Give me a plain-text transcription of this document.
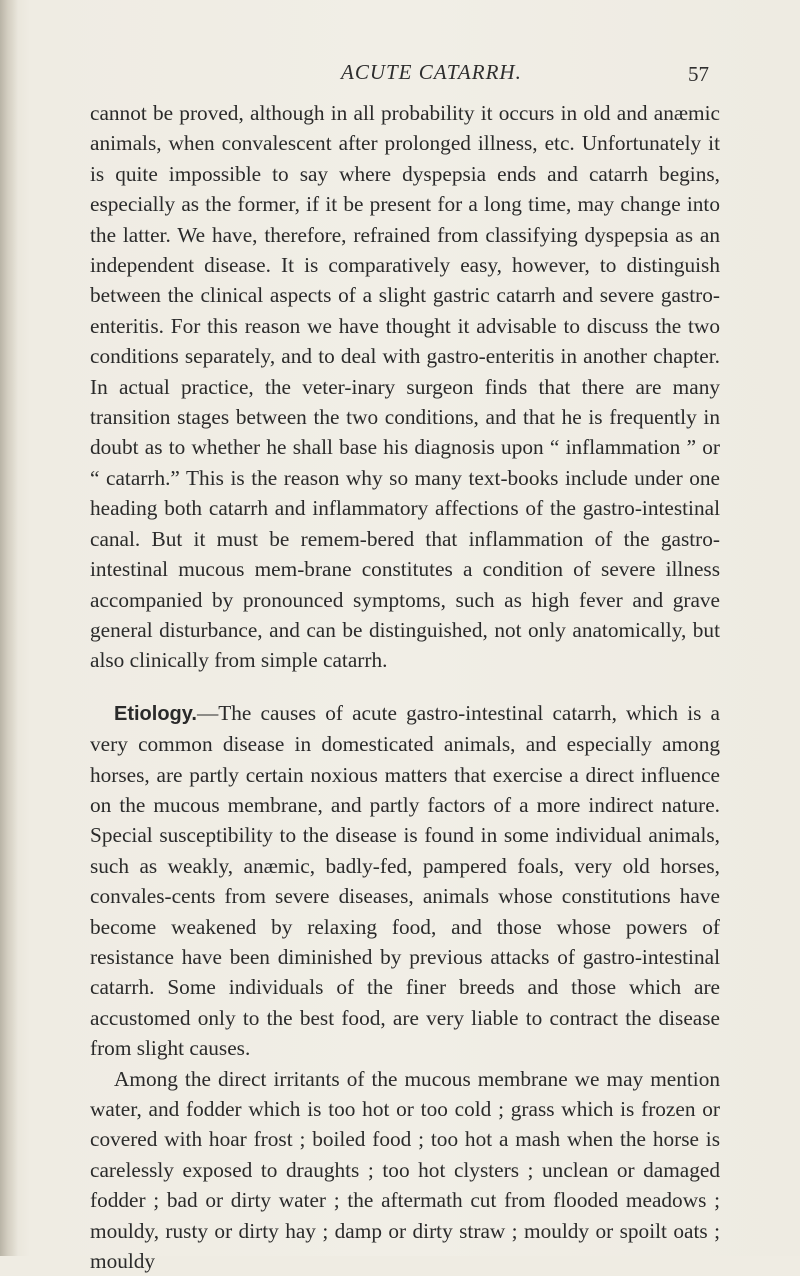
ACUTE CATARRH.	57

cannot be proved, although in all probability it occurs in old and anæmic animals, when convalescent after prolonged illness, etc. Unfortunately it is quite impossible to say where dyspepsia ends and catarrh begins, especially as the former, if it be present for a long time, may change into the latter. We have, therefore, refrained from classifying dyspepsia as an independent disease. It is comparatively easy, however, to distinguish between the clinical aspects of a slight gastric catarrh and severe gastro-enteritis. For this reason we have thought it advisable to discuss the two conditions separately, and to deal with gastro-enteritis in another chapter. In actual practice, the veter-inary surgeon finds that there are many transition stages between the two conditions, and that he is frequently in doubt as to whether he shall base his diagnosis upon “ inflammation ” or “ catarrh.” This is the reason why so many text-books include under one heading both catarrh and inflammatory affections of the gastro-intestinal canal. But it must be remem-bered that inflammation of the gastro-intestinal mucous mem-brane constitutes a condition of severe illness accompanied by pronounced symptoms, such as high fever and grave general disturbance, and can be distinguished, not only anatomically, but also clinically from simple catarrh.

Etiology.—The causes of acute gastro-intestinal catarrh, which is a very common disease in domesticated animals, and especially among horses, are partly certain noxious matters that exercise a direct influence on the mucous membrane, and partly factors of a more indirect nature. Special susceptibility to the disease is found in some individual animals, such as weakly, anæmic, badly-fed, pampered foals, very old horses, convales-cents from severe diseases, animals whose constitutions have become weakened by relaxing food, and those whose powers of resistance have been diminished by previous attacks of gastro-intestinal catarrh. Some individuals of the finer breeds and those which are accustomed only to the best food, are very liable to contract the disease from slight causes.

Among the direct irritants of the mucous membrane we may mention water, and fodder which is too hot or too cold ; grass which is frozen or covered with hoar frost ; boiled food ; too hot a mash when the horse is carelessly exposed to draughts ; too hot clysters ; unclean or damaged fodder ; bad or dirty water ; the aftermath cut from flooded meadows ; mouldy, rusty or dirty hay ; damp or dirty straw ; mouldy or spoilt oats ; mouldy
